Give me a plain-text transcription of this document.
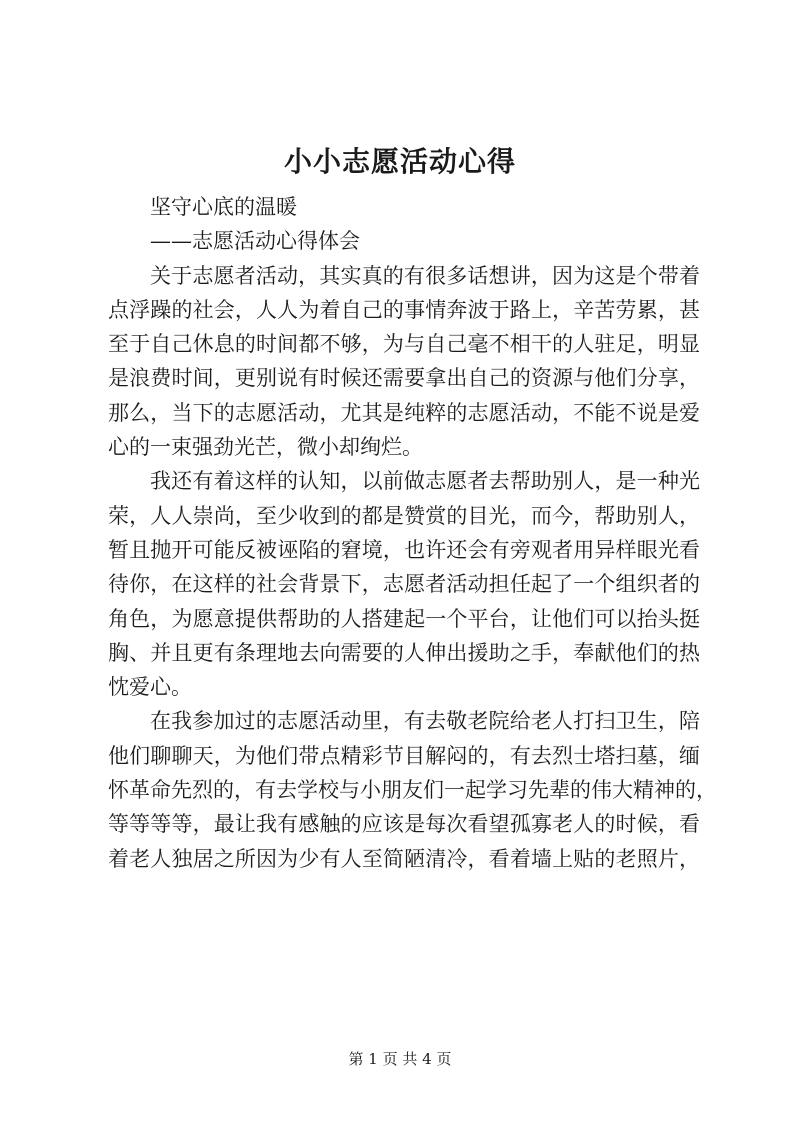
小小志愿活动心得
坚守心底的温暖
——志愿活动心得体会
关于志愿者活动，其实真的有很多话想讲，因为这是个带着
点浮躁的社会，人人为着自己的事情奔波于路上，辛苦劳累，甚
至于自己休息的时间都不够，为与自己毫不相干的人驻足，明显
是浪费时间，更别说有时候还需要拿出自己的资源与他们分享，
那么，当下的志愿活动，尤其是纯粹的志愿活动，不能不说是爱
心的一束强劲光芒，微小却绚烂。
我还有着这样的认知，以前做志愿者去帮助别人，是一种光
荣，人人崇尚，至少收到的都是赞赏的目光，而今，帮助别人，
暂且抛开可能反被诬陷的窘境，也许还会有旁观者用异样眼光看
待你，在这样的社会背景下，志愿者活动担任起了一个组织者的
角色，为愿意提供帮助的人搭建起一个平台，让他们可以抬头挺
胸、并且更有条理地去向需要的人伸出援助之手，奉献他们的热
忱爱心。
在我参加过的志愿活动里，有去敬老院给老人打扫卫生，陪
他们聊聊天，为他们带点精彩节目解闷的，有去烈士塔扫墓，缅
怀革命先烈的，有去学校与小朋友们一起学习先辈的伟大精神的，
等等等等，最让我有感触的应该是每次看望孤寡老人的时候，看
着老人独居之所因为少有人至简陋清冷，看着墙上贴的老照片，
第 1 页 共 4 页
